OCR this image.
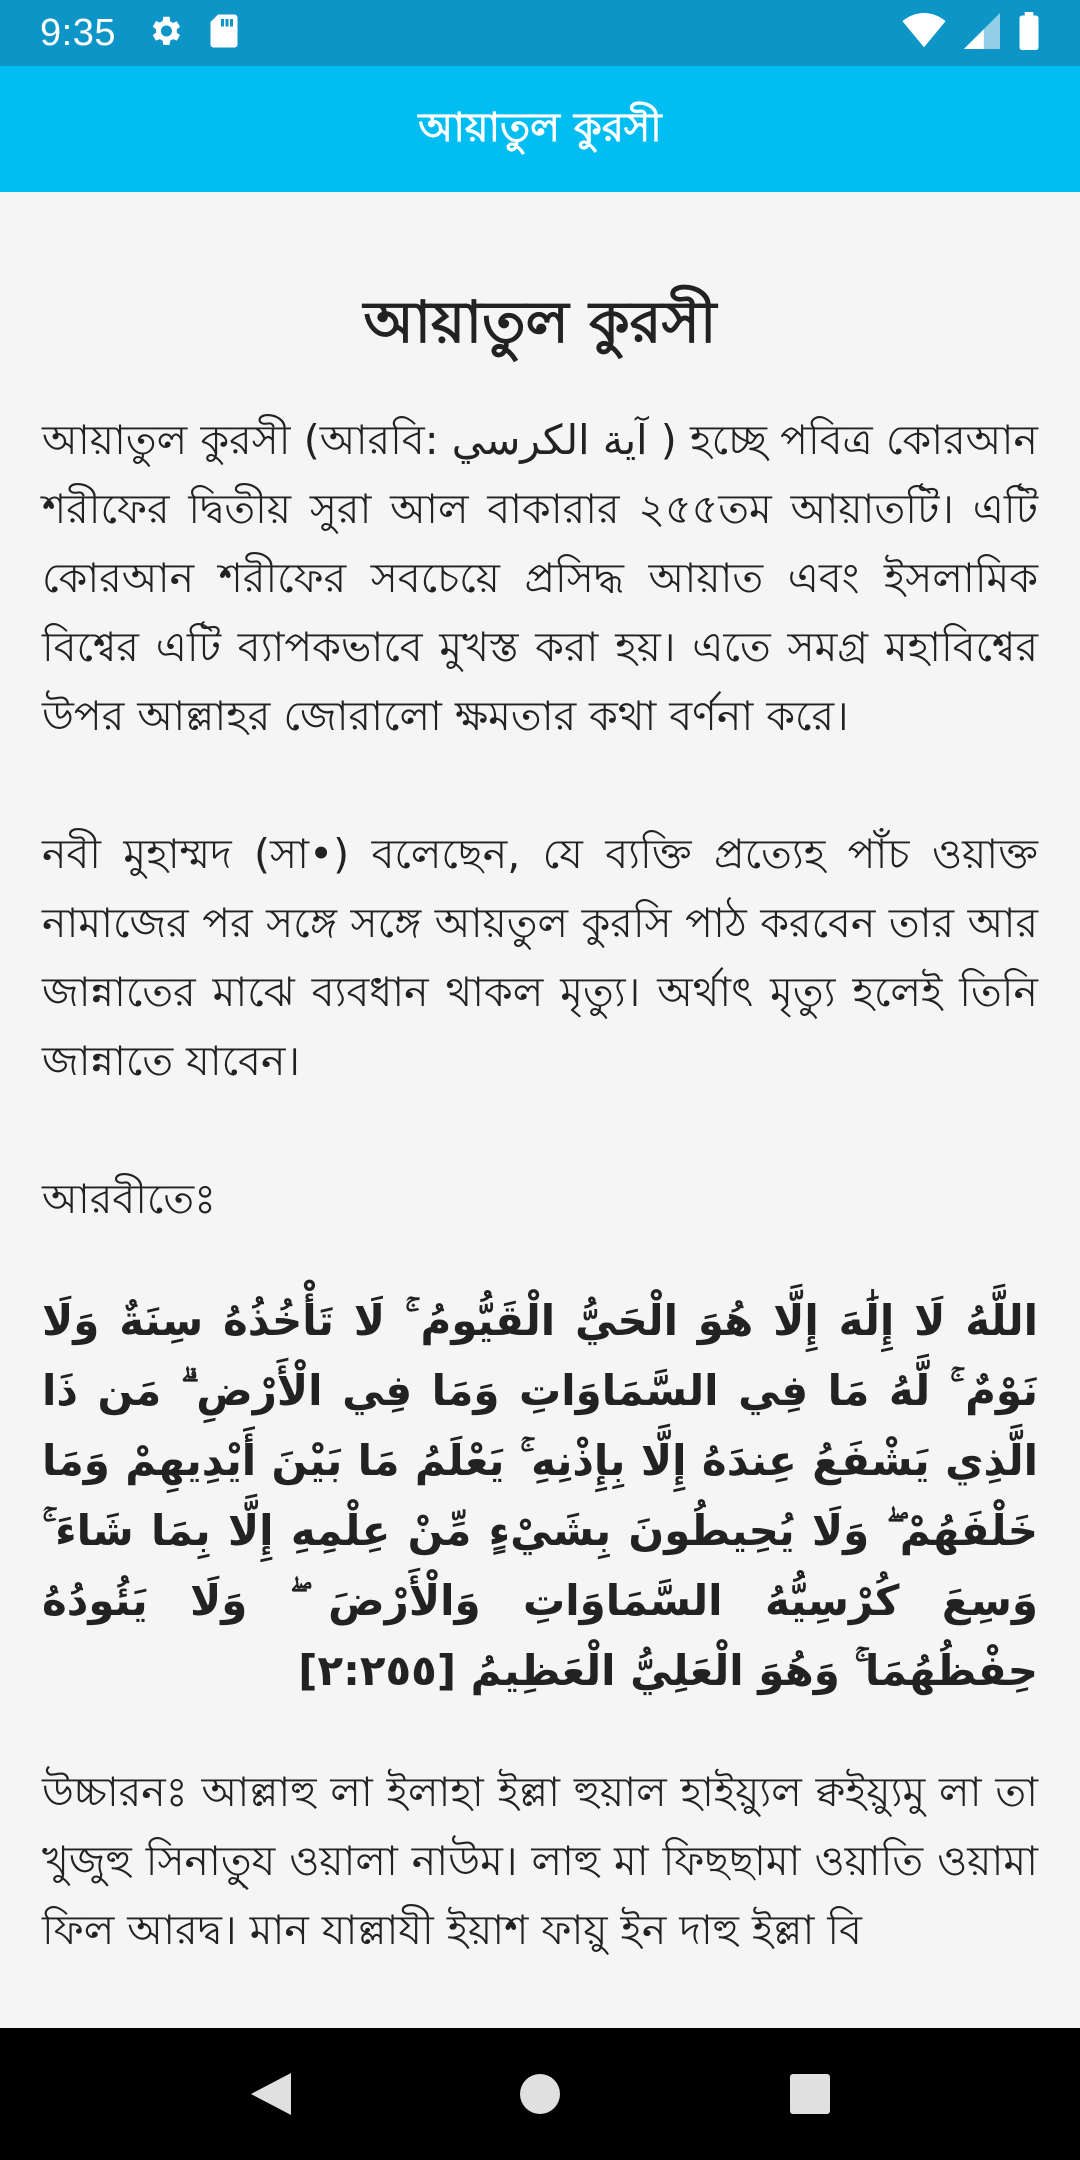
9:35
আয়াতুল কুরসী
আয়াতুল কুরসী

আয়াতুল কুরসী (আরবি: آية الكرسي ) হচ্ছে পবিত্র কোরআন শরীফের দ্বিতীয় সুরা আল বাকারার ২৫৫তম আয়াতটি। এটি কোরআন শরীফের সবচেয়ে প্রসিদ্ধ আয়াত এবং ইসলামিক বিশ্বের এটি ব্যাপকভাবে মুখস্ত করা হয়। এতে সমগ্র মহাবিশ্বের উপর আল্লাহর জোরালো ক্ষমতার কথা বর্ণনা করে।

নবী মুহাম্মদ (সা•) বলেছেন, যে ব্যক্তি প্রত্যেহ পাঁচ ওয়াক্ত নামাজের পর সঙ্গে সঙ্গে আয়তুল কুরসি পাঠ করবেন তার আর জান্নাতের মাঝে ব্যবধান থাকল মৃত্যু। অর্থাৎ মৃত্যু হলেই তিনি জান্নাতে যাবেন।

আরবীতেঃ

اللَّهُ لَا إِلَٰهَ إِلَّا هُوَ الْحَيُّ الْقَيُّومُ ۚ لَا تَأْخُذُهُ سِنَةٌ وَلَا نَوْمٌ ۚ لَّهُ مَا فِي السَّمَاوَاتِ وَمَا فِي الْأَرْضِ ۗ مَن ذَا الَّذِي يَشْفَعُ عِندَهُ إِلَّا بِإِذْنِهِ ۚ يَعْلَمُ مَا بَيْنَ أَيْدِيهِمْ وَمَا خَلْفَهُمْ ۖ وَلَا يُحِيطُونَ بِشَيْءٍ مِّنْ عِلْمِهِ إِلَّا بِمَا شَاءَ ۚ وَسِعَ كُرْسِيُّهُ السَّمَاوَاتِ وَالْأَرْضَ ۖ وَلَا يَئُودُهُ حِفْظُهُمَا ۚ وَهُوَ الْعَلِيُّ الْعَظِيمُ [٢:٢٥٥]

উচ্চারনঃ আল্লাহু লা ইলাহা ইল্লা হুয়াল হাইয়্যুল ক্বইয়্যুমু লা তা খুজুহু সিনাতু্য ওয়ালা নাউম। লাহু মা ফিছছামা ওয়াতি ওয়ামা ফিল আরদ্ব। মান যাল্লাযী ইয়াশ ফায়ু ইন দাহু ইল্লা বি
